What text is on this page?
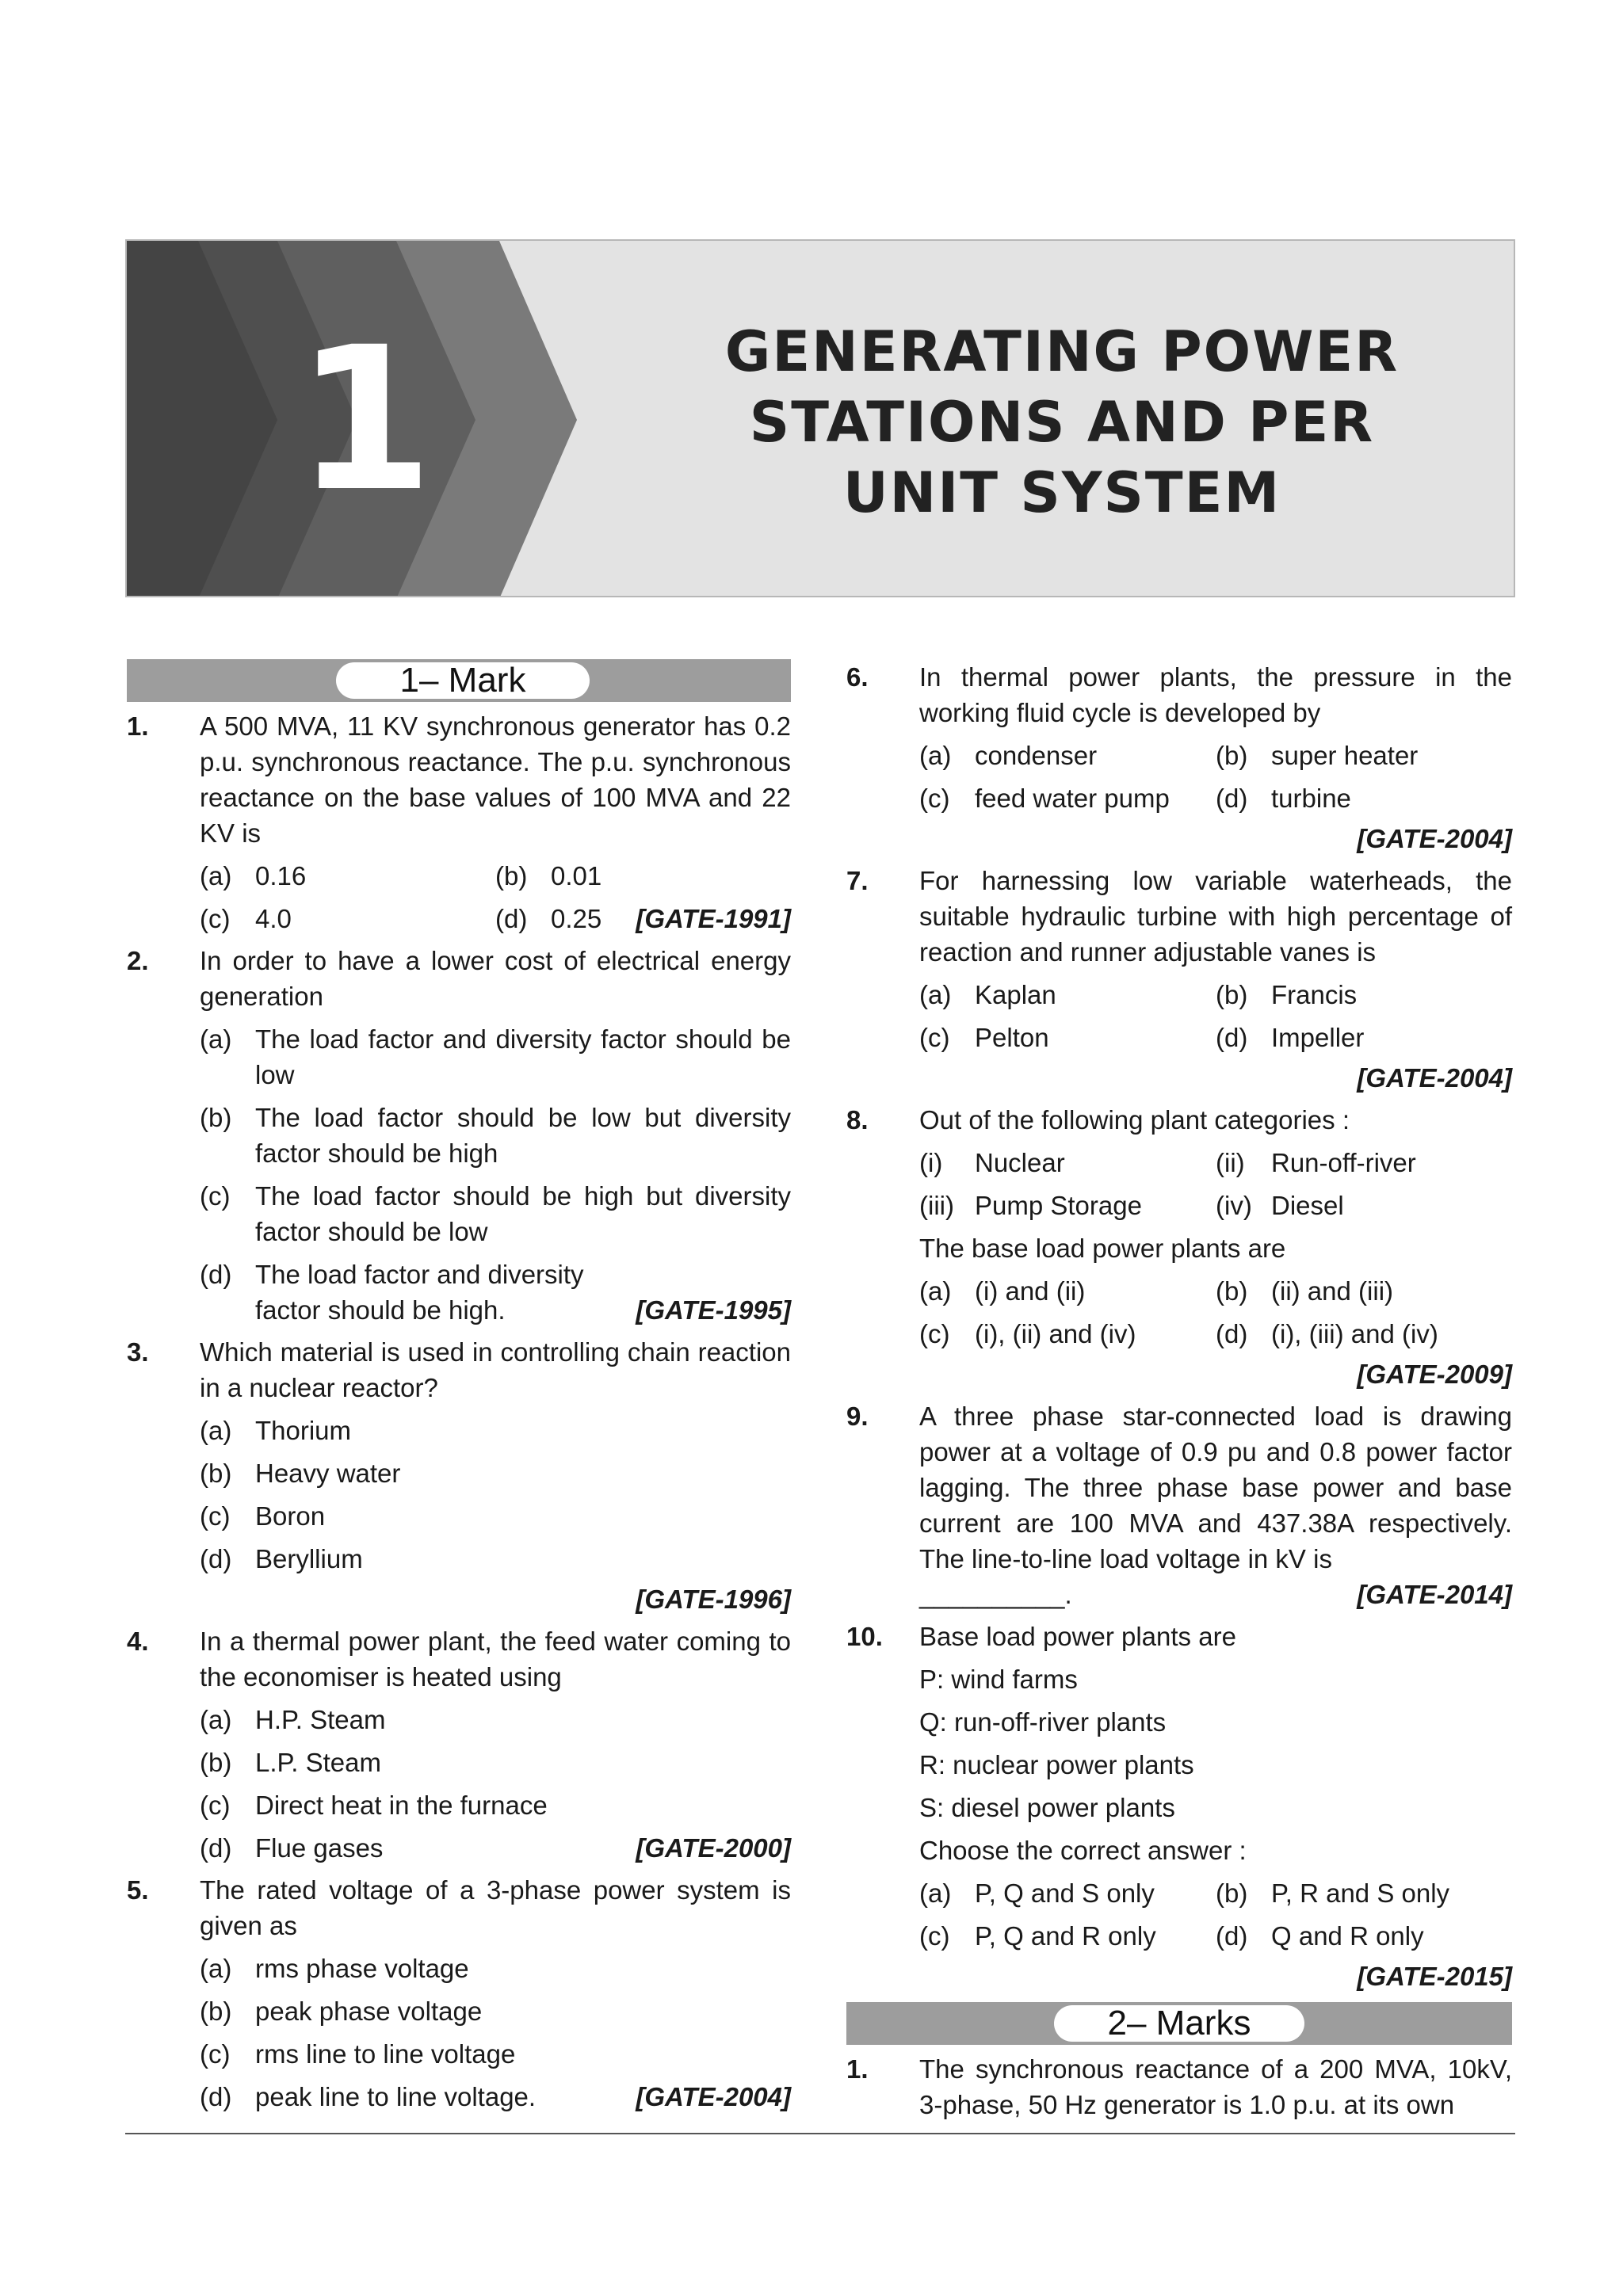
1	GENERATING POWER
STATIONS AND PER
UNIT SYSTEM
1– Mark
1. A 500 MVA, 11 KV synchronous generator has 0.2 p.u. synchronous reactance. The p.u. synchronous reactance on the base values of 100 MVA and 22 KV is
(a) 0.16	(b) 0.01
(c) 4.0	(d) 0.25 [GATE-1991]
2. In order to have a lower cost of electrical energy generation
(a) The load factor and diversity factor should be low
(b) The load factor should be low but diversity factor should be high
(c) The load factor should be high but diversity factor should be low
(d) The load factor and diversity factor should be high.	[GATE-1995]
3. Which material is used in controlling chain reaction in a nuclear reactor?
(a) Thorium
(b) Heavy water
(c) Boron
(d) Beryllium
[GATE-1996]
4. In a thermal power plant, the feed water coming to the economiser is heated using
(a) H.P. Steam
(b) L.P. Steam
(c) Direct heat in the furnace
(d) Flue gases	[GATE-2000]
5. The rated voltage of a 3-phase power system is given as
(a) rms phase voltage
(b) peak phase voltage
(c) rms line to line voltage
(d) peak line to line voltage.	[GATE-2004]
6. In thermal power plants, the pressure in the working fluid cycle is developed by
(a) condenser	(b) super heater
(c) feed water pump (d) turbine
[GATE-2004]
7. For harnessing low variable waterheads, the suitable hydraulic turbine with high percentage of reaction and runner adjustable vanes is
(a) Kaplan	(b) Francis
(c) Pelton	(d) Impeller
[GATE-2004]
8. Out of the following plant categories :
(i)	Nuclear	(ii)	Run-off-river
(iii) Pump Storage	(iv) Diesel
The base load power plants are
(a) (i) and (ii)	(b) (ii) and (iii)
(c) (i), (ii) and (iv)	(d) (i), (iii) and (iv)
[GATE-2009]
9. A three phase star-connected load is drawing power at a voltage of 0.9 pu and 0.8 power factor lagging. The three phase base power and base current are 100 MVA and 437.38A respectively. The line-to-line load voltage in kV is
__________.	[GATE-2014]
10. Base load power plants are
P: wind farms
Q: run-off-river plants
R: nuclear power plants
S: diesel power plants
Choose the correct answer :
(a) P, Q and S only (b) P, R and S only
(c) P, Q and R only (d) Q and R only
[GATE-2015]
2– Marks
1. The synchronous reactance of a 200 MVA, 10kV, 3-phase, 50 Hz generator is 1.0 p.u. at its own
